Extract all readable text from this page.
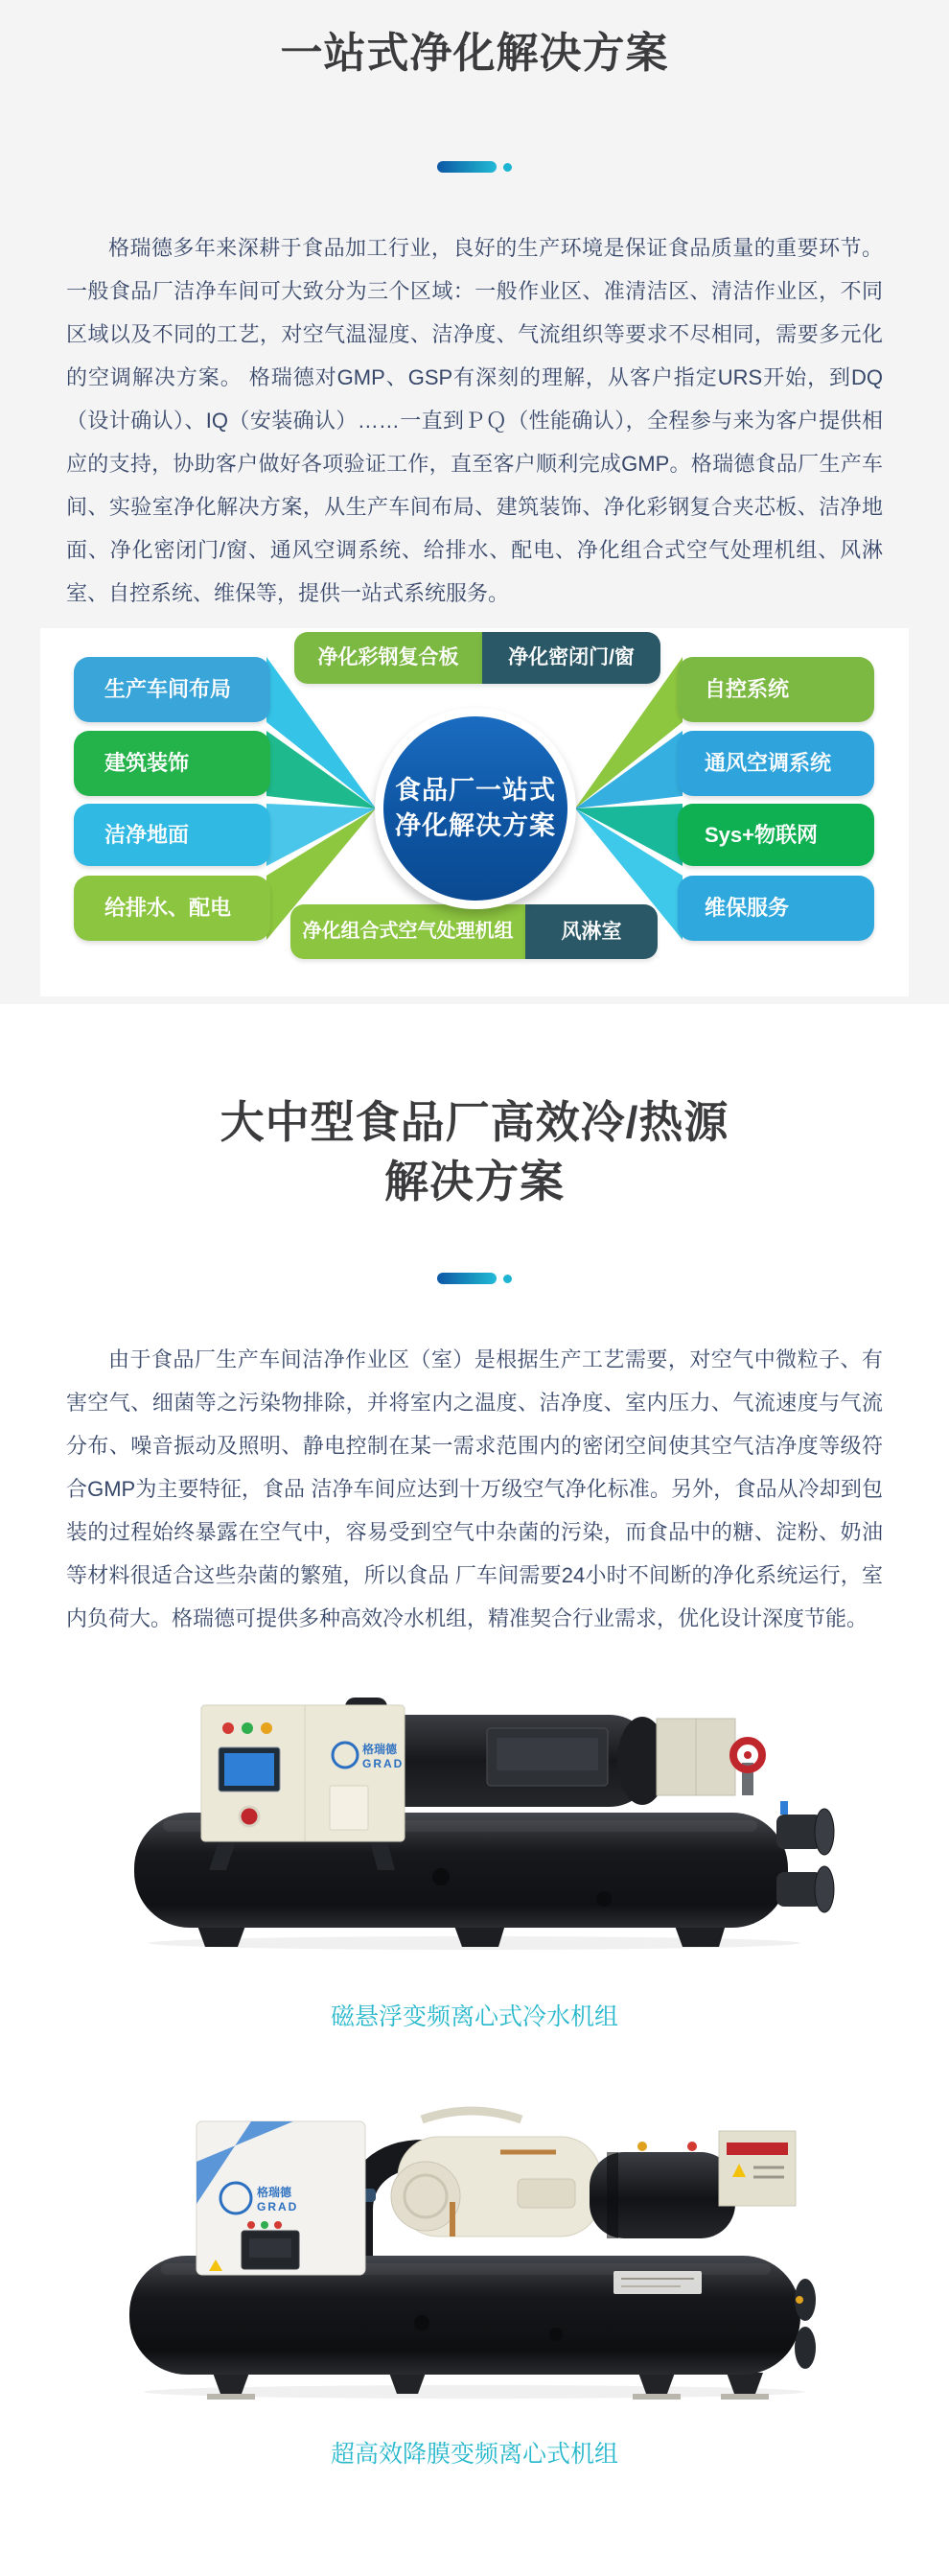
一站式净化解决方案

格瑞德多年来深耕于食品加工行业，良好的生产环境是保证食品质量的重要环节。一般食品厂洁净车间可大致分为三个区域：一般作业区、准清洁区、清洁作业区，不同区域以及不同的工艺，对空气温湿度、洁净度、气流组织等要求不尽相同，需要多元化的空调解决方案。 格瑞德对GMP、GSP有深刻的理解，从客户指定URS开始，到DQ（设计确认）、IQ（安装确认）……一直到ＰＱ（性能确认），全程参与来为客户提供相应的支持，协助客户做好各项验证工作，直至客户顺利完成GMP。格瑞德食品厂生产车间、实验室净化解决方案，从生产车间布局、建筑装饰、净化彩钢复合夹芯板、洁净地面、净化密闭门/窗、通风空调系统、给排水、配电、净化组合式空气处理机组、风淋室、自控系统、维保等，提供一站式系统服务。

净化彩钢复合板	净化密闭门/窗
生产车间布局
建筑装饰
洁净地面
给排水、配电
自控系统
通风空调系统
Sys+物联网
维保服务
净化组合式空气处理机组	风淋室
食品厂一站式
净化解决方案
大中型食品厂高效冷/热源
解决方案

由于食品厂生产车间洁净作业区（室）是根据生产工艺需要，对空气中微粒子、有害空气、细菌等之污染物排除，并将室内之温度、洁净度、室内压力、气流速度与气流分布、噪音振动及照明、静电控制在某一需求范围内的密闭空间使其空气洁净度等级符合GMP为主要特征，食品 洁净车间应达到十万级空气净化标准。另外，食品从冷却到包装的过程始终暴露在空气中，容易受到空气中杂菌的污染，而食品中的糖、淀粉、奶油等材料很适合这些杂菌的繁殖，所以食品 厂车间需要24小时不间断的净化系统运行，室内负荷大。格瑞德可提供多种高效冷水机组，精准契合行业需求，优化设计深度节能。

格瑞德
GRAD

磁悬浮变频离心式冷水机组

格瑞德
GRAD

超高效降膜变频离心式机组
